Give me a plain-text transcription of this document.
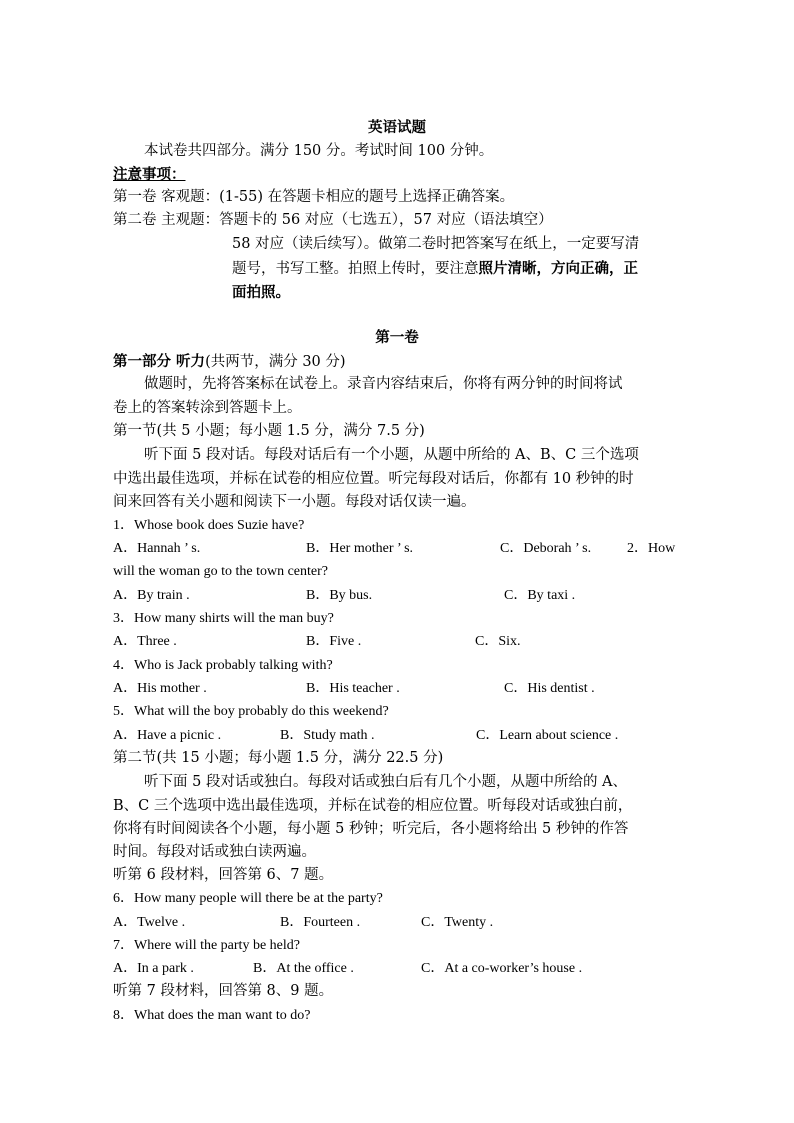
英语试题
本试卷共四部分。满分 150 分。考试时间 100 分钟。
注意事项：
第一卷 客观题：(1-55) 在答题卡相应的题号上选择正确答案。
第二卷 主观题：答题卡的 56 对应（七选五），57 对应（语法填空）
58 对应（读后续写）。做第二卷时把答案写在纸上，一定要写清
题号，书写工整。拍照上传时，要注意照片清晰，方向正确，正
面拍照。
第一卷
第一部分 听力(共两节，满分 30 分)
做题时，先将答案标在试卷上。录音内容结束后，你将有两分钟的时间将试
卷上的答案转涂到答题卡上。
第一节(共 5 小题；每小题 1.5 分，满分 7.5 分)
听下面 5 段对话。每段对话后有一个小题，从题中所给的 A、B、C 三个选项
中选出最佳选项，并标在试卷的相应位置。听完每段对话后，你都有 10 秒钟的时
间来回答有关小题和阅读下一小题。每段对话仅读一遍。
1．Whose book does Suzie have?
A．Hannah ’ s.	B．Her mother ’ s.	C．Deborah ’ s.	2．How
will the woman go to the town center?
A．By train .	B．By bus.	C．By taxi .
3．How many shirts will the man buy?
A．Three .	B．Five .	C．Six.
4．Who is Jack probably talking with?
A．His mother .	B．His teacher .	C．His dentist .
5．What will the boy probably do this weekend?
A．Have a picnic .	B．Study math .	C．Learn about science .
第二节(共 15 小题；每小题 1.5 分，满分 22.5 分)
听下面 5 段对话或独白。每段对话或独白后有几个小题，从题中所给的 A、
B、C 三个选项中选出最佳选项，并标在试卷的相应位置。听每段对话或独白前，
你将有时间阅读各个小题，每小题 5 秒钟；听完后，各小题将给出 5 秒钟的作答
时间。每段对话或独白读两遍。
听第 6 段材料，回答第 6、7 题。
6．How many people will there be at the party?
A．Twelve .	B．Fourteen .	C．Twenty .
7．Where will the party be held?
A．In a park .	B．At the office .	C．At a co-worker’s house .
听第 7 段材料，回答第 8、9 题。
8．What does the man want to do?
